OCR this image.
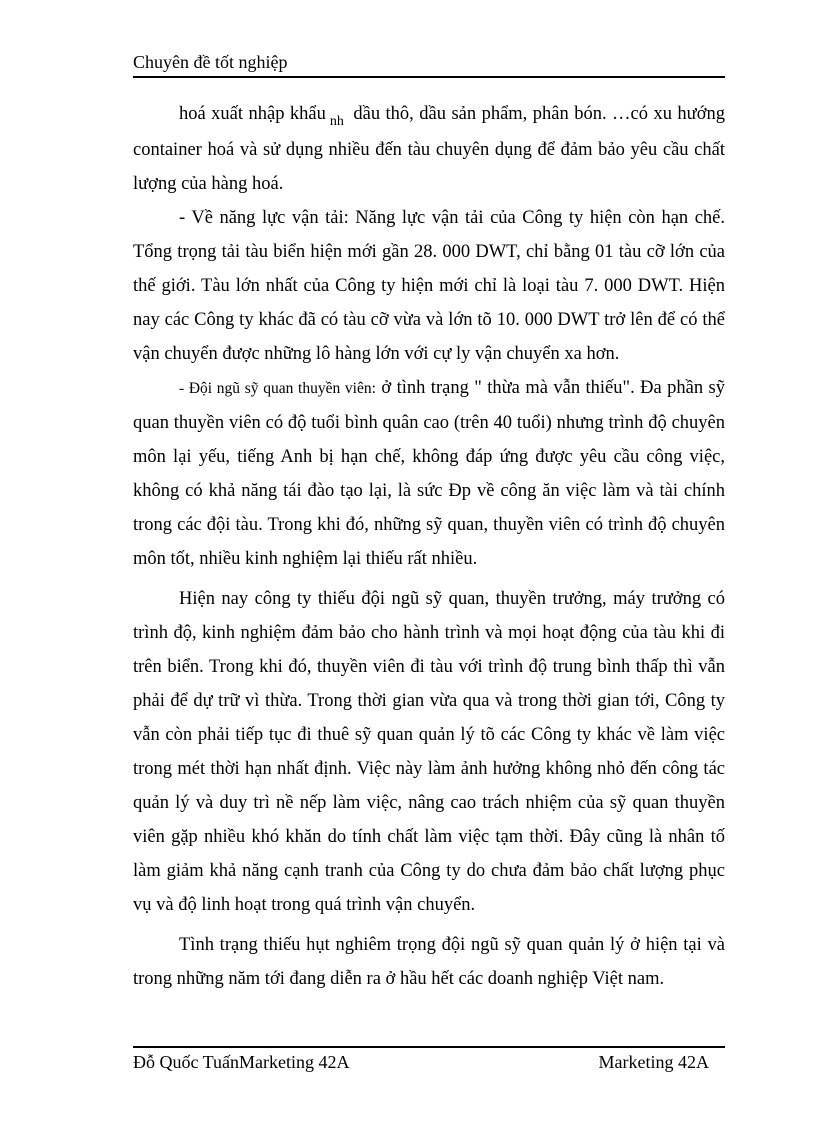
Chuyên đề tốt nghiệp

hoá xuất nhập khẩu $_{nh}$ dầu thô, dầu sản phẩm, phân bón. …có xu hướng container hoá và sử dụng nhiều đến tàu chuyên dụng để đảm bảo yêu cầu chất lượng của hàng hoá.

- Về năng lực vận tải: Năng lực vận tải của Công ty hiện còn hạn chế. Tổng trọng tải tàu biển hiện mới gần 28. 000 DWT, chỉ bằng 01 tàu cỡ lớn của thế giới. Tàu lớn nhất của Công ty hiện mới chỉ là loại tàu 7. 000 DWT. Hiện nay các Công ty khác đã có tàu cỡ vừa và lớn tõ 10. 000 DWT trở lên để có thể vận chuyển được những lô hàng lớn với cự ly vận chuyển xa hơn.

- Đội ngũ sỹ quan thuyền viên: ở tình trạng " thừa mà vẫn thiếu". Đa phần sỹ quan thuyền viên có độ tuổi bình quân cao (trên 40 tuổi) nhưng trình độ chuyên môn lại yếu, tiếng Anh bị hạn chế, không đáp ứng được yêu cầu công việc, không có khả năng tái đào tạo lại, là sức Đp về công ăn việc làm và tài chính trong các đội tàu. Trong khi đó, những sỹ quan, thuyền viên có trình độ chuyên môn tốt, nhiều kinh nghiệm lại thiếu rất nhiều.

Hiện nay công ty thiếu đội ngũ sỹ quan, thuyền trưởng, máy trưởng có trình độ, kinh nghiệm đảm bảo cho hành trình và mọi hoạt động của tàu khi đi trên biển. Trong khi đó, thuyền viên đi tàu với trình độ trung bình thấp thì vẫn phải để dự trữ vì thừa. Trong thời gian vừa qua và trong thời gian tới, Công ty vẫn còn phải tiếp tục đi thuê sỹ quan quản lý tõ các Công ty khác về làm việc trong mét thời hạn nhất định. Việc này làm ảnh hưởng không nhỏ đến công tác quản lý và duy trì nề nếp làm việc, nâng cao trách nhiệm của sỹ quan thuyền viên gặp nhiều khó khăn do tính chất làm việc tạm thời. Đây cũng là nhân tố làm giảm khả năng cạnh tranh của Công ty do chưa đảm bảo chất lượng phục vụ và độ linh hoạt trong quá trình vận chuyển.

Tình trạng thiếu hụt nghiêm trọng đội ngũ sỹ quan quản lý ở hiện tại và trong những năm tới đang diễn ra ở hầu hết các doanh nghiệp Việt nam.

Đỗ Quốc TuấnMarketing 42A	Marketing 42A
